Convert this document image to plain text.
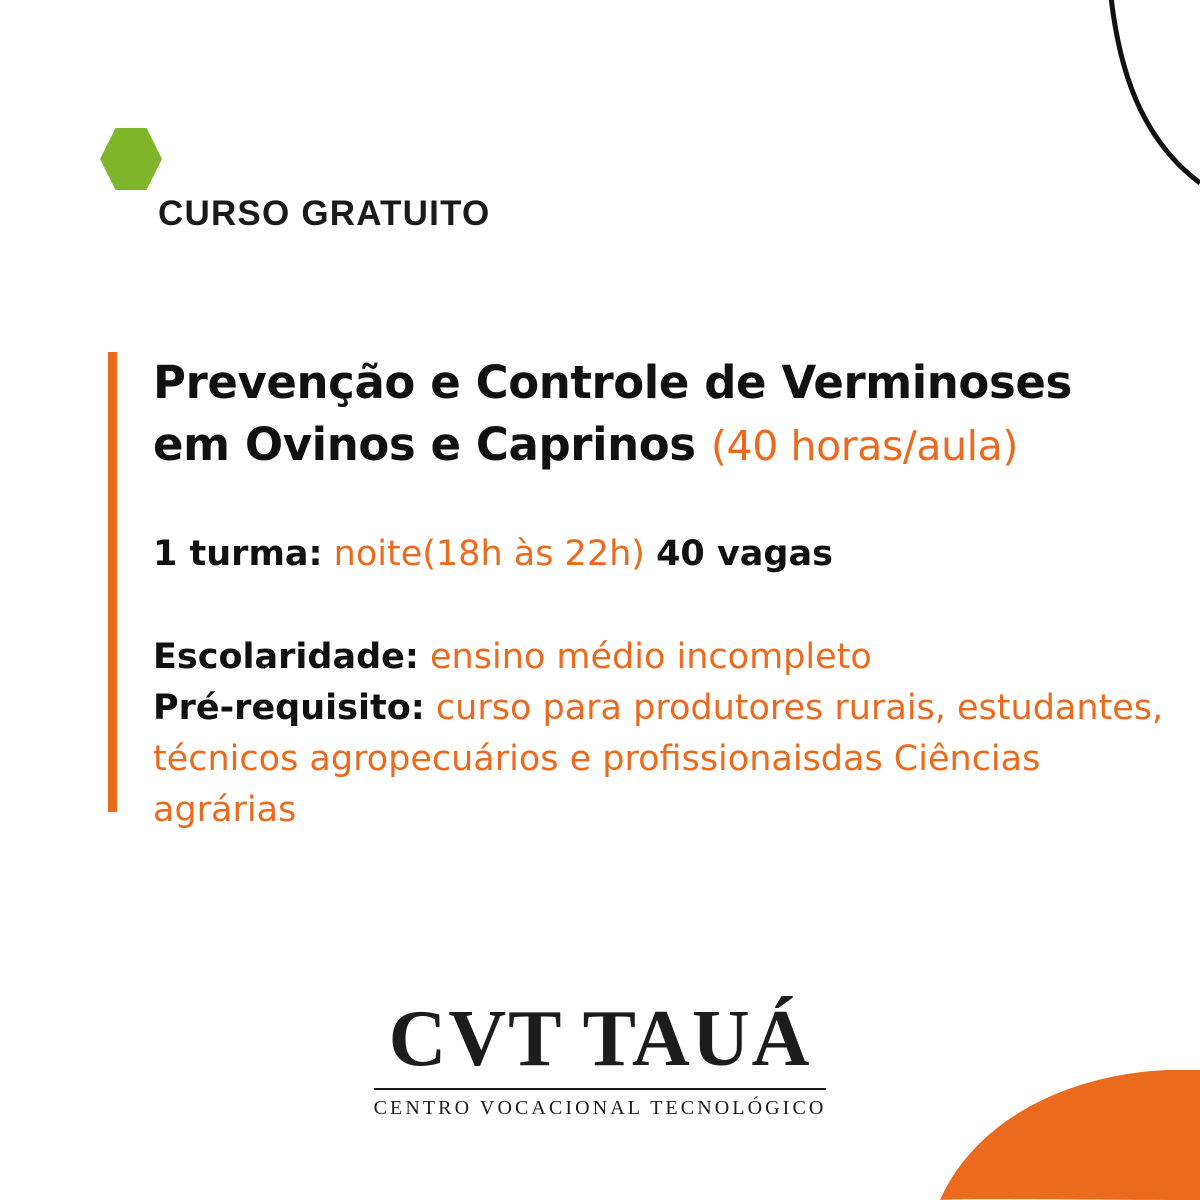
CURSO GRATUITO
Prevenção e Controle de Verminoses
em Ovinos e Caprinos (40 horas/aula)
1 turma: noite(18h às 22h) 40 vagas

Escolaridade: ensino médio incompleto

Pré-requisito: curso para produtores rurais, estudantes, técnicos agropecuários e profissionaisdas Ciências agrárias

CVT TAUÁ
CENTRO VOCACIONAL TECNOLÓGICO
